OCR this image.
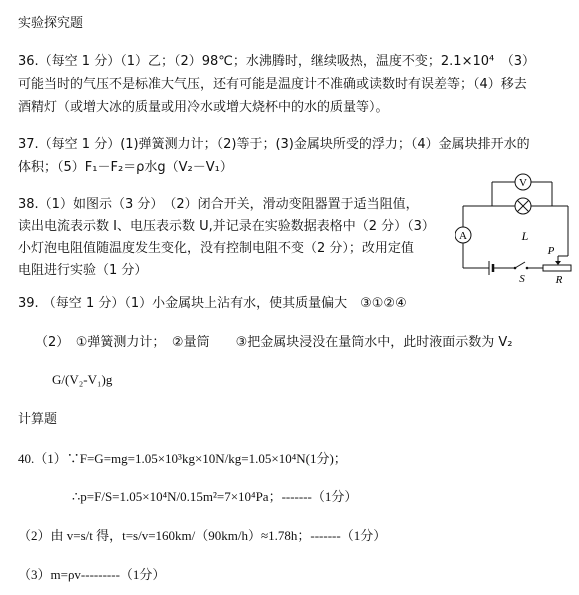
实验探究题
36.（每空 1 分）（1）乙；（2）98℃；水沸腾时，继续吸热，温度不变；2.1×10⁴　（3）
可能当时的气压不是标准大气压，还有可能是温度计不准确或读数时有误差等；（4）移去
酒精灯（或增大冰的质量或用冷水或增大烧杯中的水的质量等）。
37.（每空 1 分）(1)弹簧测力计；（2)等于；(3)金属块所受的浮力；（4）金属块排开水的
体积；（5）F₁－F₂＝ρ水g（V₂－V₁）
38.（1）如图示（3 分）　（2）闭合开关，滑动变阻器置于适当阻值，
读出电流表示数 I、电压表示数 U,并记录在实验数据表格中（2 分）（3）
小灯泡电阻值随温度发生变化，没有控制电阻不变（2 分）；改用定值
电阻进行实验（1 分）
V
A
P
L
S	R
39. （每空 1 分）（1）小金属块上沾有水，使其质量偏大　③①②④
（2）　①弹簧测力计；　②量筒　　③把金属块浸没在量筒水中，此时液面示数为 V₂
G/(V₂-V₁)g
计算题
40.（1）∵F=G=mg=1.05×10³kg×10N/kg=1.05×10⁴N(1分)；
∴p=F/S=1.05×10⁴N/0.15m²=7×10⁴Pa；-------（1分）
（2）由 v=s/t 得，t=s/v=160km/（90km/h）≈1.78h；-------（1分）
（3）m=ρv---------（1分）
